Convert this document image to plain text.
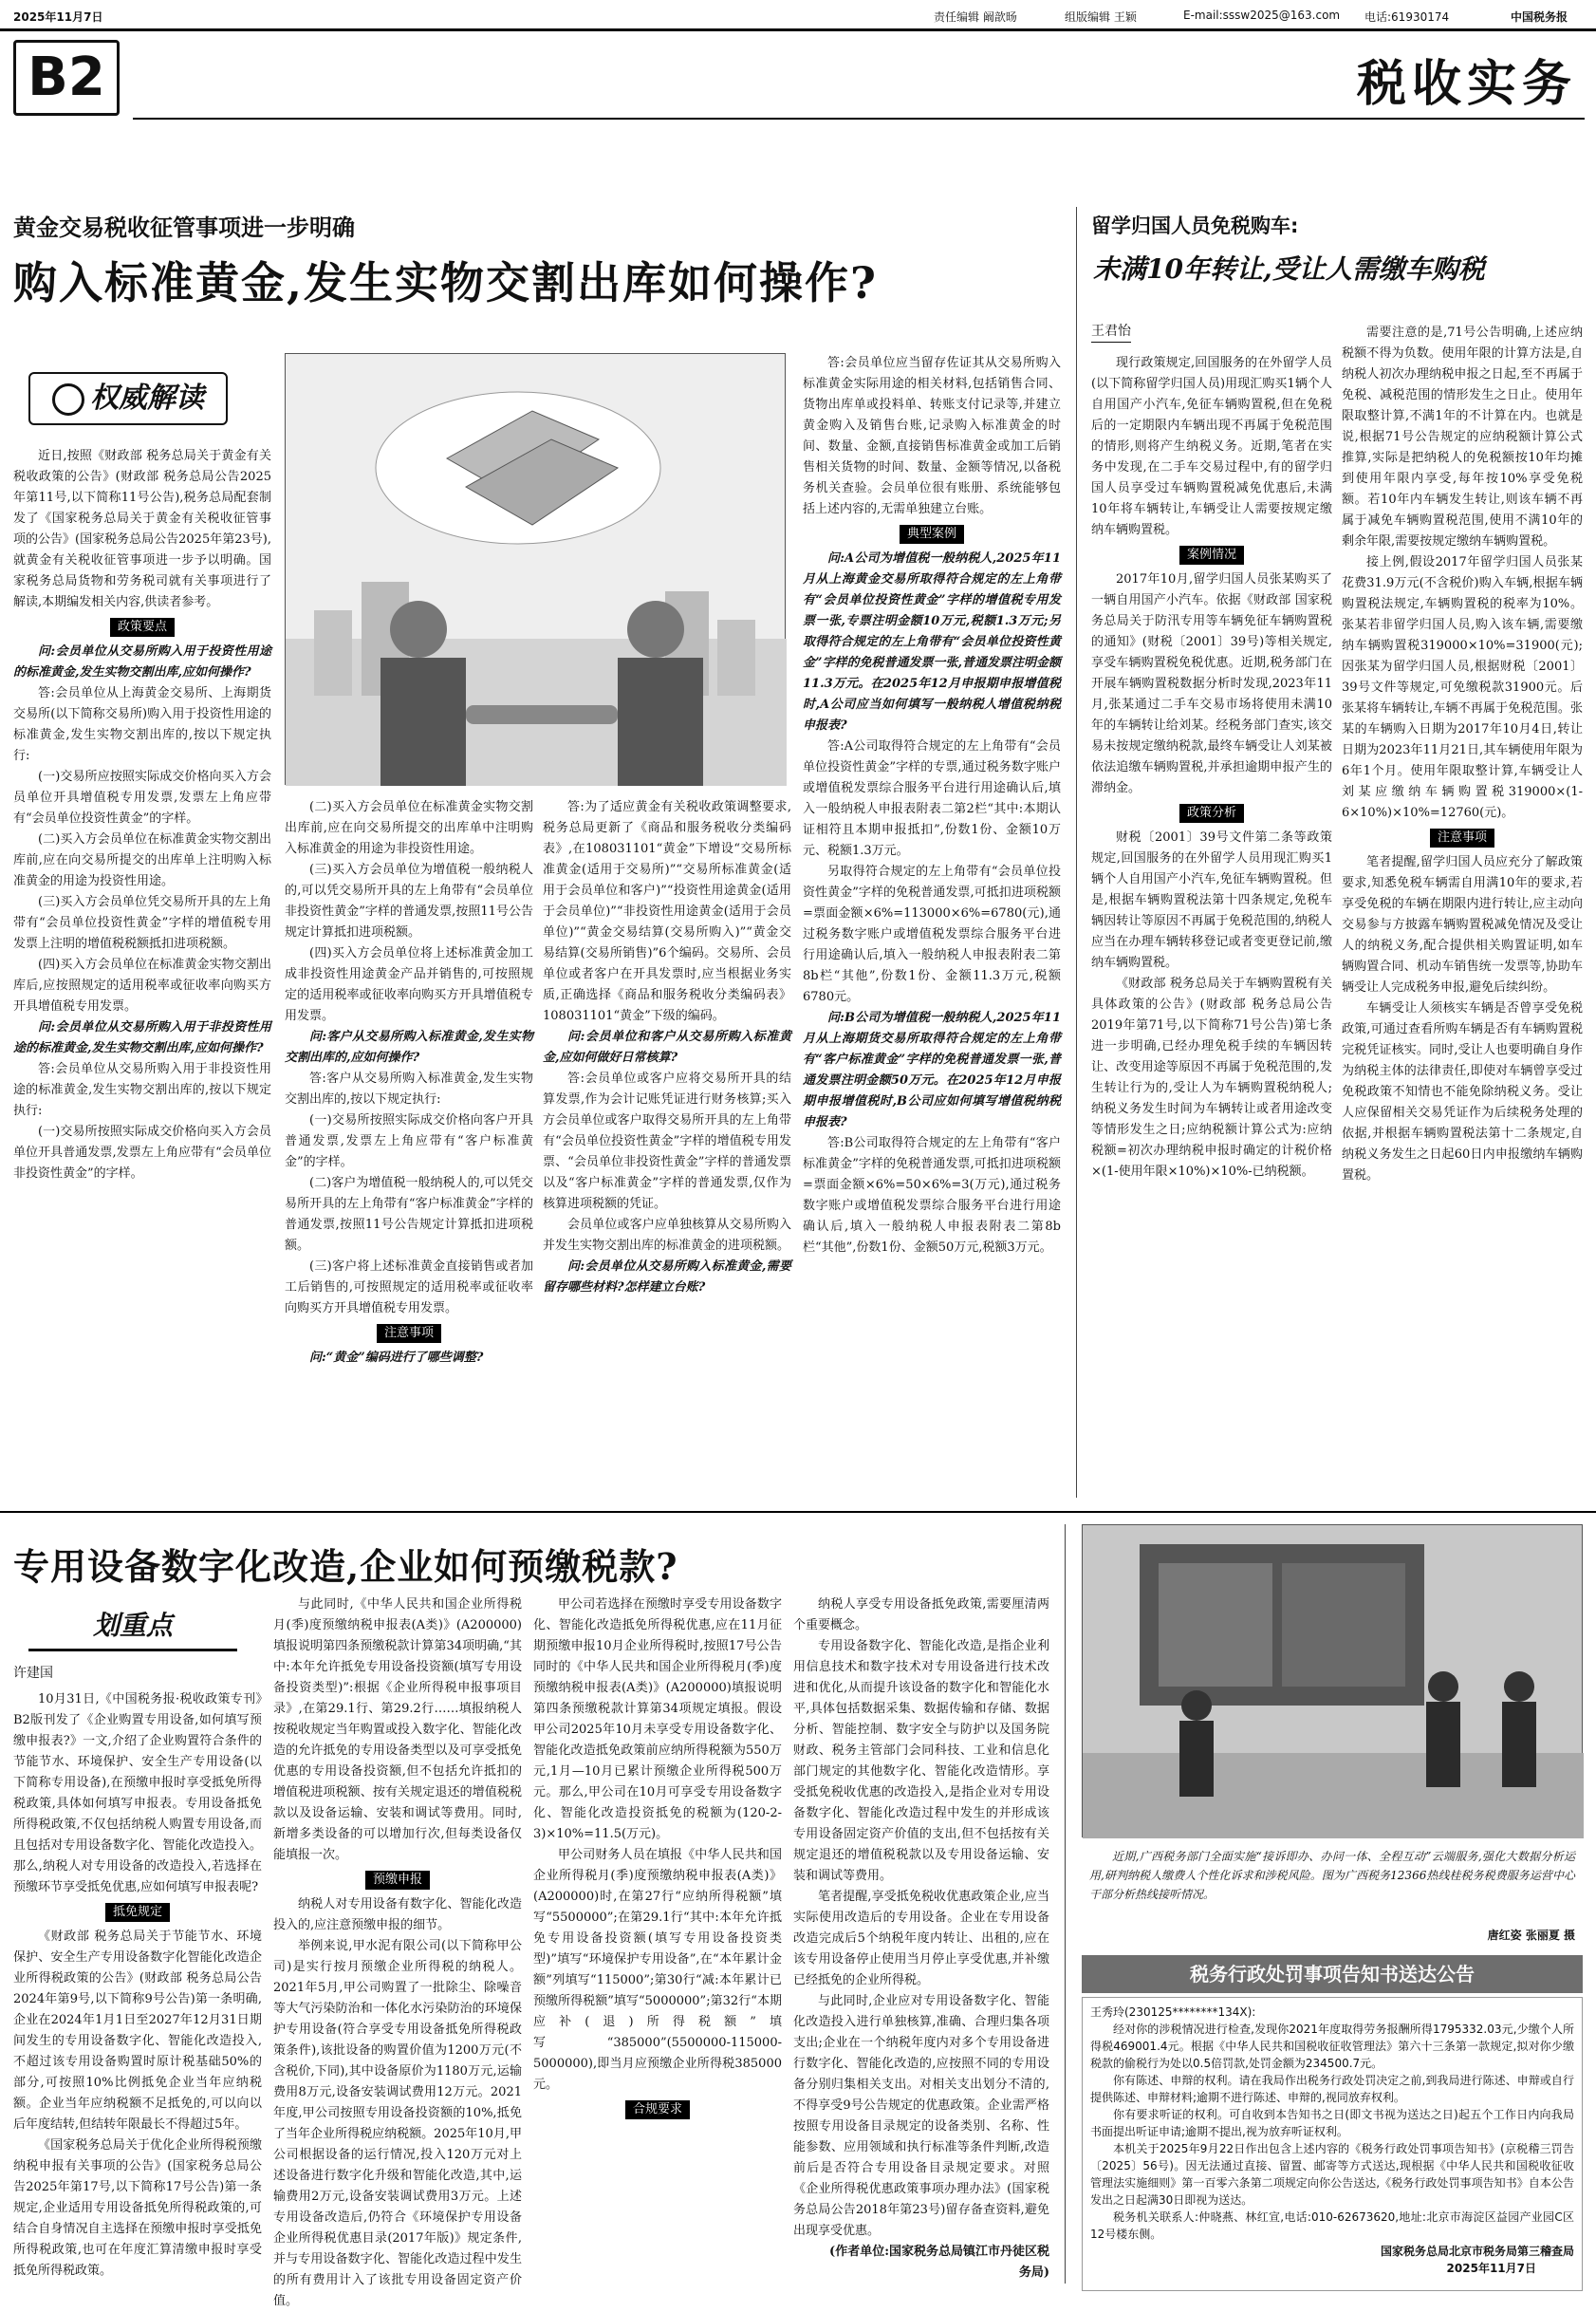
2025年11月7日	责任编辑 阚歆旸	组版编辑 王颖	E-mail:sssw2025@163.com 电话:61930174	中国税务报
B2	税收实务
黄金交易税收征管事项进一步明确
购入标准黄金,发生实物交割出库如何操作?
权威解读

近日,按照《财政部 税务总局关于黄金有关税收政策的公告》(财政部 税务总局公告2025年第11号,以下简称11号公告),税务总局配套制发了《国家税务总局关于黄金有关税收征管事项的公告》(国家税务总局公告2025年第23号),就黄金有关税收征管事项进一步予以明确。国家税务总局货物和劳务税司就有关事项进行了解读,本期编发相关内容,供读者参考。

政策要点

问:会员单位从交易所购入用于投资性用途的标准黄金,发生实物交割出库,应如何操作?

答:会员单位从上海黄金交易所、上海期货交易所(以下简称交易所)购入用于投资性用途的标准黄金,发生实物交割出库的,按以下规定执行:

(一)交易所应按照实际成交价格向买入方会员单位开具增值税专用发票,发票左上角应带有“会员单位投资性黄金”的字样。

(二)买入方会员单位在标准黄金实物交割出库前,应在向交易所提交的出库单上注明购入标准黄金的用途为投资性用途。

(三)买入方会员单位凭交易所开具的左上角带有“会员单位投资性黄金”字样的增值税专用发票上注明的增值税税额抵扣进项税额。

(四)买入方会员单位在标准黄金实物交割出库后,应按照规定的适用税率或征收率向购买方开具增值税专用发票。

问:会员单位从交易所购入用于非投资性用途的标准黄金,发生实物交割出库,应如何操作?

答:会员单位从交易所购入用于非投资性用途的标准黄金,发生实物交割出库的,按以下规定执行:

(一)交易所按照实际成交价格向买入方会员单位开具普通发票,发票左上角应带有“会员单位非投资性黄金”的字样。

(二)买入方会员单位在标准黄金实物交割出库前,应在向交易所提交的出库单中注明购入标准黄金的用途为非投资性用途。

(三)买入方会员单位为增值税一般纳税人的,可以凭交易所开具的左上角带有“会员单位非投资性黄金”字样的普通发票,按照11号公告规定计算抵扣进项税额。

(四)买入方会员单位将上述标准黄金加工成非投资性用途黄金产品并销售的,可按照规定的适用税率或征收率向购买方开具增值税专用发票。

问:客户从交易所购入标准黄金,发生实物交割出库的,应如何操作?

答:客户从交易所购入标准黄金,发生实物交割出库的,按以下规定执行:

(一)交易所按照实际成交价格向客户开具普通发票,发票左上角应带有“客户标准黄金”的字样。

(二)客户为增值税一般纳税人的,可以凭交易所开具的左上角带有“客户标准黄金”字样的普通发票,按照11号公告规定计算抵扣进项税额。

(三)客户将上述标准黄金直接销售或者加工后销售的,可按照规定的适用税率或征收率向购买方开具增值税专用发票。

注意事项

问:“黄金”编码进行了哪些调整?

答:为了适应黄金有关税收政策调整要求,税务总局更新了《商品和服务税收分类编码表》,在108031101“黄金”下增设“交易所标准黄金(适用于交易所)”“交易所标准黄金(适用于会员单位和客户)”“投资性用途黄金(适用于会员单位)”“非投资性用途黄金(适用于会员单位)”“黄金交易结算(交易所购入)”“黄金交易结算(交易所销售)”6个编码。交易所、会员单位或者客户在开具发票时,应当根据业务实质,正确选择《商品和服务税收分类编码表》108031101“黄金”下级的编码。

问:会员单位和客户从交易所购入标准黄金,应如何做好日常核算?

答:会员单位或客户应将交易所开具的结算发票,作为会计记账凭证进行财务核算;买入方会员单位或客户取得交易所开具的左上角带有“会员单位投资性黄金”字样的增值税专用发票、“会员单位非投资性黄金”字样的普通发票以及“客户标准黄金”字样的普通发票,仅作为核算进项税额的凭证。

会员单位或客户应单独核算从交易所购入并发生实物交割出库的标准黄金的进项税额。

问:会员单位从交易所购入标准黄金,需要留存哪些材料?怎样建立台账?

答:会员单位应当留存佐证其从交易所购入标准黄金实际用途的相关材料,包括销售合同、货物出库单或投料单、转账支付记录等,并建立黄金购入及销售台账,记录购入标准黄金的时间、数量、金额,直接销售标准黄金或加工后销售相关货物的时间、数量、金额等情况,以备税务机关查验。会员单位很有账册、系统能够包括上述内容的,无需单独建立台账。

典型案例

问:A公司为增值税一般纳税人,2025年11月从上海黄金交易所取得符合规定的左上角带有“会员单位投资性黄金”字样的增值税专用发票一张,专票注明金额10万元,税额1.3万元;另取得符合规定的左上角带有“会员单位投资性黄金”字样的免税普通发票一张,普通发票注明金额11.3万元。在2025年12月申报期申报增值税时,A公司应当如何填写一般纳税人增值税纳税申报表?

答:A公司取得符合规定的左上角带有“会员单位投资性黄金”字样的专票,通过税务数字账户或增值税发票综合服务平台进行用途确认后,填入一般纳税人申报表附表二第2栏“其中:本期认证相符且本期申报抵扣”,份数1份、金额10万元、税额1.3万元。

另取得符合规定的左上角带有“会员单位投资性黄金”字样的免税普通发票,可抵扣进项税额=票面金额×6%=113000×6%=6780(元),通过税务数字账户或增值税发票综合服务平台进行用途确认后,填入一般纳税人申报表附表二第8b栏“其他”,份数1份、金额11.3万元,税额6780元。

问:B公司为增值税一般纳税人,2025年11月从上海期货交易所取得符合规定的左上角带有“客户标准黄金”字样的免税普通发票一张,普通发票注明金额50万元。在2025年12月申报期申报增值税时,B公司应如何填写增值税纳税申报表?

答:B公司取得符合规定的左上角带有“客户标准黄金”字样的免税普通发票,可抵扣进项税额=票面金额×6%=50×6%=3(万元),通过税务数字账户或增值税发票综合服务平台进行用途确认后,填入一般纳税人申报表附表二第8b栏“其他”,份数1份、金额50万元,税额3万元。

留学归国人员免税购车:
未满10年转让,受让人需缴车购税
王君怡

现行政策规定,回国服务的在外留学人员(以下简称留学归国人员)用现汇购买1辆个人自用国产小汽车,免征车辆购置税,但在免税后的一定期限内车辆出现不再属于免税范围的情形,则将产生纳税义务。近期,笔者在实务中发现,在二手车交易过程中,有的留学归国人员享受过车辆购置税减免优惠后,未满10年将车辆转让,车辆受让人需要按规定缴纳车辆购置税。

案例情况

2017年10月,留学归国人员张某购买了一辆自用国产小汽车。依据《财政部 国家税务总局关于防汛专用等车辆免征车辆购置税的通知》(财税〔2001〕39号)等相关规定,享受车辆购置税免税优惠。近期,税务部门在开展车辆购置税数据分析时发现,2023年11月,张某通过二手车交易市场将使用未满10年的车辆转让给刘某。经税务部门查实,该交易未按规定缴纳税款,最终车辆受让人刘某被依法追缴车辆购置税,并承担逾期申报产生的滞纳金。

政策分析

财税〔2001〕39号文件第二条等政策规定,回国服务的在外留学人员用现汇购买1辆个人自用国产小汽车,免征车辆购置税。但是,根据车辆购置税法第十四条规定,免税车辆因转让等原因不再属于免税范围的,纳税人应当在办理车辆转移登记或者变更登记前,缴纳车辆购置税。

《财政部 税务总局关于车辆购置税有关具体政策的公告》(财政部 税务总局公告2019年第71号,以下简称71号公告)第七条进一步明确,已经办理免税手续的车辆因转让、改变用途等原因不再属于免税范围的,发生转让行为的,受让人为车辆购置税纳税人;纳税义务发生时间为车辆转让或者用途改变等情形发生之日;应纳税额计算公式为:应纳税额=初次办理纳税申报时确定的计税价格×(1-使用年限×10%)×10%-已纳税额。

需要注意的是,71号公告明确,上述应纳税额不得为负数。使用年限的计算方法是,自纳税人初次办理纳税申报之日起,至不再属于免税、减税范围的情形发生之日止。使用年限取整计算,不满1年的不计算在内。也就是说,根据71号公告规定的应纳税额计算公式推算,实际是把纳税人的免税额按10年均摊到使用年限内享受,每年按10%享受免税额。若10年内车辆发生转让,则该车辆不再属于减免车辆购置税范围,使用不满10年的剩余年限,需要按规定缴纳车辆购置税。

接上例,假设2017年留学归国人员张某花费31.9万元(不含税价)购入车辆,根据车辆购置税法规定,车辆购置税的税率为10%。张某若非留学归国人员,购入该车辆,需要缴纳车辆购置税319000×10%=31900(元);因张某为留学归国人员,根据财税〔2001〕39号文件等规定,可免缴税款31900元。后张某将车辆转让,车辆不再属于免税范围。张某的车辆购入日期为2017年10月4日,转让日期为2023年11月21日,其车辆使用年限为6年1个月。使用年限取整计算,车辆受让人刘某应缴纳车辆购置税319000×(1-6×10%)×10%=12760(元)。

注意事项

笔者提醒,留学归国人员应充分了解政策要求,知悉免税车辆需自用满10年的要求,若享受免税的车辆在期限内进行转让,应主动向交易参与方披露车辆购置税减免情况及受让人的纳税义务,配合提供相关购置证明,如车辆购置合同、机动车销售统一发票等,协助车辆受让人完成税务申报,避免后续纠纷。

车辆受让人须核实车辆是否曾享受免税政策,可通过查看所购车辆是否有车辆购置税完税凭证核实。同时,受让人也要明确自身作为纳税主体的法律责任,即使对车辆曾享受过免税政策不知情也不能免除纳税义务。受让人应保留相关交易凭证作为后续税务处理的依据,并根据车辆购置税法第十二条规定,自纳税义务发生之日起60日内申报缴纳车辆购置税。

专用设备数字化改造,企业如何预缴税款?
划重点
许建国

10月31日,《中国税务报·税收政策专刊》B2版刊发了《企业购置专用设备,如何填写预缴申报表?》一文,介绍了企业购置符合条件的节能节水、环境保护、安全生产专用设备(以下简称专用设备),在预缴申报时享受抵免所得税政策,具体如何填写申报表。专用设备抵免所得税政策,不仅包括纳税人购置专用设备,而且包括对专用设备数字化、智能化改造投入。那么,纳税人对专用设备的改造投入,若选择在预缴环节享受抵免优惠,应如何填写申报表呢?

抵免规定

《财政部 税务总局关于节能节水、环境保护、安全生产专用设备数字化智能化改造企业所得税政策的公告》(财政部 税务总局公告2024年第9号,以下简称9号公告)第一条明确,企业在2024年1月1日至2027年12月31日期间发生的专用设备数字化、智能化改造投入,不超过该专用设备购置时原计税基础50%的部分,可按照10%比例抵免企业当年应纳税额。企业当年应纳税额不足抵免的,可以向以后年度结转,但结转年限最长不得超过5年。

《国家税务总局关于优化企业所得税预缴纳税申报有关事项的公告》(国家税务总局公告2025年第17号,以下简称17号公告)第一条规定,企业适用专用设备抵免所得税政策的,可结合自身情况自主选择在预缴申报时享受抵免所得税政策,也可在年度汇算清缴申报时享受抵免所得税政策。

与此同时,《中华人民共和国企业所得税月(季)度预缴纳税申报表(A类)》(A200000)填报说明第四条预缴税款计算第34项明确,“其中:本年允许抵免专用设备投资额(填写专用设备投资类型)”:根据《企业所得税申报事项目录》,在第29.1行、第29.2行……填报纳税人按税收规定当年购置或投入数字化、智能化改造的允许抵免的专用设备类型以及可享受抵免优惠的专用设备投资额,但不包括允许抵扣的增值税进项税额、按有关规定退还的增值税税款以及设备运输、安装和调试等费用。同时,新增多类设备的可以增加行次,但每类设备仅能填报一次。

预缴申报

纳税人对专用设备有数字化、智能化改造投入的,应注意预缴申报的细节。

举例来说,甲水泥有限公司(以下简称甲公司)是实行按月预缴企业所得税的纳税人。2021年5月,甲公司购置了一批除尘、除噪音等大气污染防治和一体化水污染防治的环境保护专用设备(符合享受专用设备抵免所得税政策条件),该批设备的购置价值为1200万元(不含税价,下同),其中设备原价为1180万元,运输费用8万元,设备安装调试费用12万元。2021年度,甲公司按照专用设备投资额的10%,抵免了当年企业所得税应纳税额。2025年10月,甲公司根据设备的运行情况,投入120万元对上述设备进行数字化升级和智能化改造,其中,运输费用2万元,设备安装调试费用3万元。上述专用设备改造后,仍符合《环境保护专用设备企业所得税优惠目录(2017年版)》规定条件,并与专用设备数字化、智能化改造过程中发生的所有费用计入了该批专用设备固定资产价值。

甲公司若选择在预缴时享受专用设备数字化、智能化改造抵免所得税优惠,应在11月征期预缴申报10月企业所得税时,按照17号公告同时的《中华人民共和国企业所得税月(季)度预缴纳税申报表(A类)》(A200000)填报说明第四条预缴税款计算第34项规定填报。假设甲公司2025年10月未享受专用设备数字化、智能化改造抵免政策前应纳所得税额为550万元,1月—10月已累计预缴企业所得税500万元。那么,甲公司在10月可享受专用设备数字化、智能化改造投资抵免的税额为(120-2-3)×10%=11.5(万元)。

甲公司财务人员在填报《中华人民共和国企业所得税月(季)度预缴纳税申报表(A类)》(A200000)时,在第27行“应纳所得税额”填写“5500000”;在第29.1行“其中:本年允许抵免专用设备投资额(填写专用设备投资类型)”填写“环境保护专用设备”,在“本年累计金额”列填写“115000”;第30行“减:本年累计已预缴所得税额”填写“5000000”;第32行“本期应补(退)所得税额”填写“385000”(5500000-115000-5000000),即当月应预缴企业所得税385000元。

合规要求

纳税人享受专用设备抵免政策,需要厘清两个重要概念。

专用设备数字化、智能化改造,是指企业利用信息技术和数字技术对专用设备进行技术改进和优化,从而提升该设备的数字化和智能化水平,具体包括数据采集、数据传输和存储、数据分析、智能控制、数字安全与防护以及国务院财政、税务主管部门会同科技、工业和信息化部门规定的其他数字化、智能化改造情形。享受抵免税收优惠的改造投入,是指企业对专用设备数字化、智能化改造过程中发生的并形成该专用设备固定资产价值的支出,但不包括按有关规定退还的增值税税款以及专用设备运输、安装和调试等费用。

笔者提醒,享受抵免税收优惠政策企业,应当实际使用改造后的专用设备。企业在专用设备改造完成后5个纳税年度内转让、出租的,应在该专用设备停止使用当月停止享受优惠,并补缴已经抵免的企业所得税。

与此同时,企业应对专用设备数字化、智能化改造投入进行单独核算,准确、合理归集各项支出;企业在一个纳税年度内对多个专用设备进行数字化、智能化改造的,应按照不同的专用设备分别归集相关支出。对相关支出划分不清的,不得享受9号公告规定的优惠政策。企业需严格按照专用设备目录规定的设备类别、名称、性能参数、应用领域和执行标准等条件判断,改造前后是否符合专用设备目录规定要求。对照《企业所得税优惠政策事项办理办法》(国家税务总局公告2018年第23号)留存备查资料,避免出现享受优惠。

(作者单位:国家税务总局镇江市丹徒区税务局)

近期,广西税务部门全面实施“接诉即办、办问一体、全程互动”云端服务,强化大数据分析运用,研判纳税人缴费人个性化诉求和涉税风险。图为广西税务12366热线桂税务税费服务运营中心干部分析热线接听情况。
唐红姿 张丽夏 摄
税务行政处罚事项告知书送达公告
王秀玲(230125********134X):

经对你的涉税情况进行检查,发现你2021年度取得劳务报酬所得1795332.03元,少缴个人所得税469001.4元。根据《中华人民共和国税收征收管理法》第六十三条第一款规定,拟对你少缴税款的偷税行为处以0.5倍罚款,处罚金额为234500.7元。

你有陈述、申辩的权利。请在我局作出税务行政处罚决定之前,到我局进行陈述、申辩或自行提供陈述、申辩材料;逾期不进行陈述、申辩的,视同放弃权利。

你有要求听证的权利。可自收到本告知书之日(即文书视为送达之日)起五个工作日内向我局书面提出听证申请;逾期不提出,视为放弃听证权利。

本机关于2025年9月22日作出包含上述内容的《税务行政处罚事项告知书》(京税稽三罚告〔2025〕56号)。因无法通过直接、留置、邮寄等方式送达,现根据《中华人民共和国税收征收管理法实施细则》第一百零六条第二项规定向你公告送达,《税务行政处罚事项告知书》自本公告发出之日起满30日即视为送达。

税务机关联系人:仲晓燕、林红宣,电话:010-62673620,地址:北京市海淀区益园产业园C区12号楼东侧。

国家税务总局北京市税务局第三稽查局
2025年11月7日
